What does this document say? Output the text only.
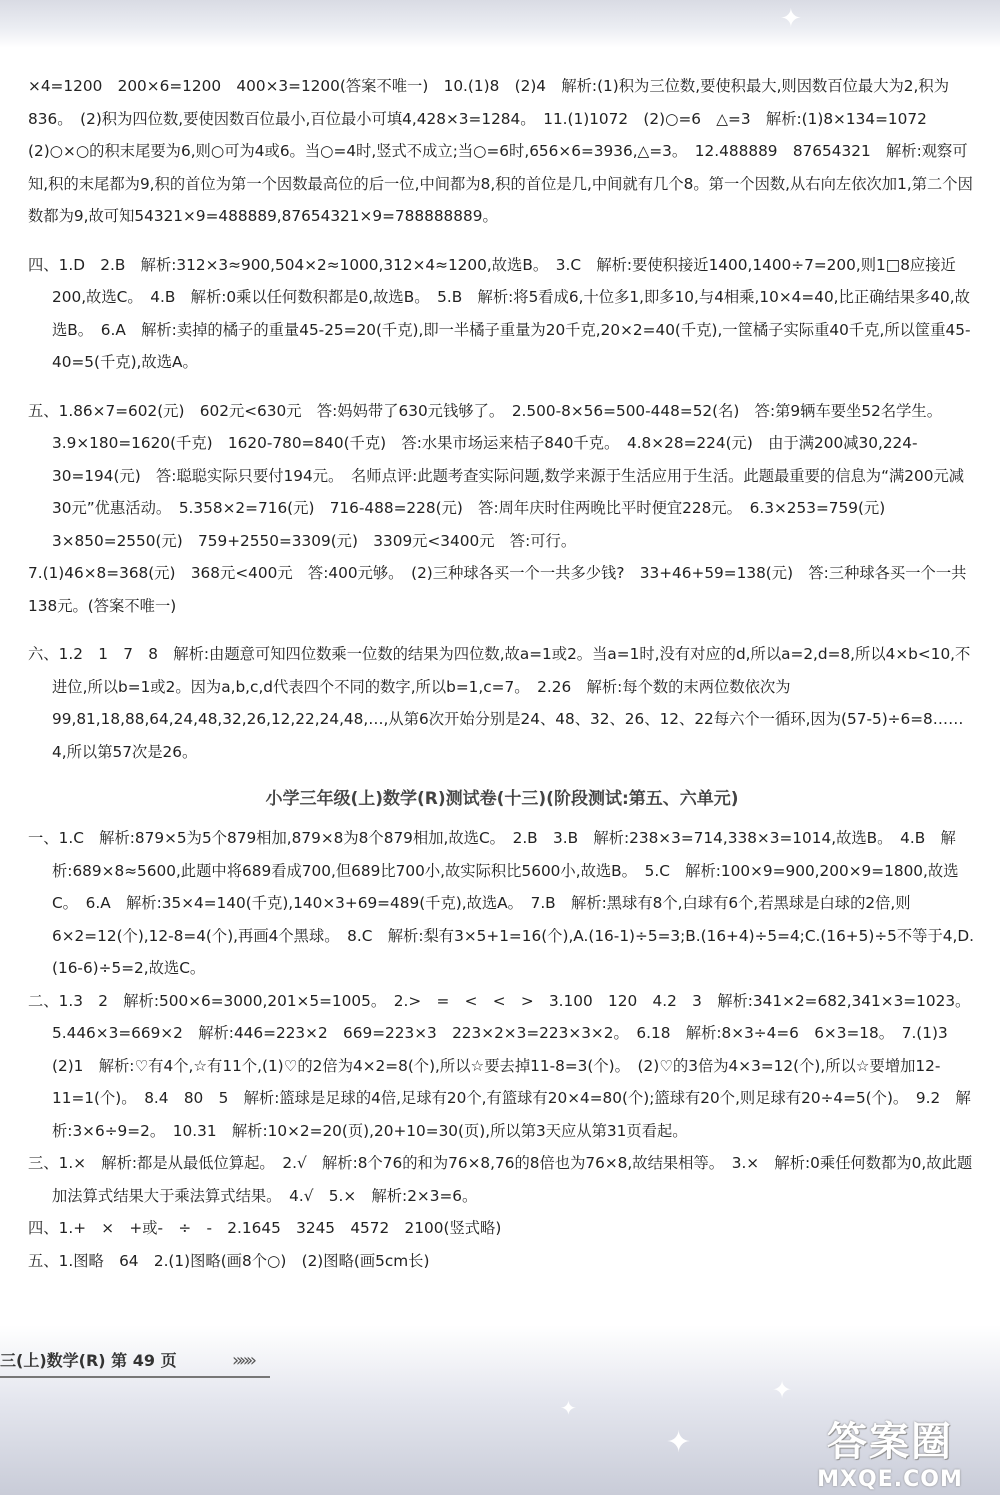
✦
✦
✦
✦

×4=1200　200×6=1200　400×3=1200(答案不唯一)　10.(1)8　(2)4　解析:(1)积为三位数,要使积最大,则因数百位最大为2,积为836。　(2)积为四位数,要使因数百位最小,百位最小可填4,428×3=1284。　11.(1)1072　(2)○=6　△=3　解析:(1)8×134=1072　(2)○×○的积末尾要为6,则○可为4或6。当○=4时,竖式不成立;当○=6时,656×6=3936,△=3。　12.488889　87654321　解析:观察可知,积的末尾都为9,积的首位为第一个因数最高位的后一位,中间都为8,积的首位是几,中间就有几个8。第一个因数,从右向左依次加1,第二个因数都为9,故可知54321×9=488889,87654321×9=788888889。

四、1.D　2.B　解析:312×3≈900,504×2≈1000,312×4≈1200,故选B。　3.C　解析:要使积接近1400,1400÷7=200,则1□8应接近200,故选C。　4.B　解析:0乘以任何数积都是0,故选B。　5.B　解析:将5看成6,十位多1,即多10,与4相乘,10×4=40,比正确结果多40,故选B。　6.A　解析:卖掉的橘子的重量45-25=20(千克),即一半橘子重量为20千克,20×2=40(千克),一筐橘子实际重40千克,所以筐重45-40=5(千克),故选A。

五、1.86×7=602(元)　602元<630元　答:妈妈带了630元钱够了。　2.500-8×56=500-448=52(名)　答:第9辆车要坐52名学生。　3.9×180=1620(千克)　1620-780=840(千克)　答:水果市场运来桔子840千克。　4.8×28=224(元)　由于满200减30,224-30=194(元)　答:聪聪实际只要付194元。　名师点评:此题考查实际问题,数学来源于生活应用于生活。此题最重要的信息为“满200元减30元”优惠活动。　5.358×2=716(元)　716-488=228(元)　答:周年庆时住两晚比平时便宜228元。　6.3×253=759(元)　3×850=2550(元)　759+2550=3309(元)　3309元<3400元　答:可行。

7.(1)46×8=368(元)　368元<400元　答:400元够。　(2)三种球各买一个一共多少钱?　33+46+59=138(元)　答:三种球各买一个一共138元。(答案不唯一)

六、1.2　1　7　8　解析:由题意可知四位数乘一位数的结果为四位数,故a=1或2。当a=1时,没有对应的d,所以a=2,d=8,所以4×b<10,不进位,所以b=1或2。因为a,b,c,d代表四个不同的数字,所以b=1,c=7。　2.26　解析:每个数的末两位数依次为99,81,18,88,64,24,48,32,26,12,22,24,48,…,从第6次开始分别是24、48、32、26、12、22每六个一循环,因为(57-5)÷6=8……4,所以第57次是26。

小学三年级(上)数学(R)测试卷(十三)(阶段测试:第五、六单元)

一、1.C　解析:879×5为5个879相加,879×8为8个879相加,故选C。　2.B　3.B　解析:238×3=714,338×3=1014,故选B。　4.B　解析:689×8≈5600,此题中将689看成700,但689比700小,故实际积比5600小,故选B。　5.C　解析:100×9=900,200×9=1800,故选C。　6.A　解析:35×4=140(千克),140×3+69=489(千克),故选A。　7.B　解析:黑球有8个,白球有6个,若黑球是白球的2倍,则6×2=12(个),12-8=4(个),再画4个黑球。　8.C　解析:梨有3×5+1=16(个),A.(16-1)÷5=3;B.(16+4)÷5=4;C.(16+5)÷5不等于4,D.(16-6)÷5=2,故选C。

二、1.3　2　解析:500×6=3000,201×5=1005。　2.>　=　<　<　>　3.100　120　4.2　3　解析:341×2=682,341×3=1023。　5.446×3=669×2　解析:446=223×2　669=223×3　223×2×3=223×3×2。　6.18　解析:8×3÷4=6　6×3=18。　7.(1)3　(2)1　解析:♡有4个,☆有11个,(1)♡的2倍为4×2=8(个),所以☆要去掉11-8=3(个)。　(2)♡的3倍为4×3=12(个),所以☆要增加12-11=1(个)。　8.4　80　5　解析:篮球是足球的4倍,足球有20个,有篮球有20×4=80(个);篮球有20个,则足球有20÷4=5(个)。　9.2　解析:3×6÷9=2。　10.31　解析:10×2=20(页),20+10=30(页),所以第3天应从第31页看起。

三、1.×　解析:都是从最低位算起。　2.√　解析:8个76的和为76×8,76的8倍也为76×8,故结果相等。　3.×　解析:0乘任何数都为0,故此题加法算式结果大于乘法算式结果。　4.√　5.×　解析:2×3=6。

四、1.+　×　+或-　÷　-　2.1645　3245　4572　2100(竖式略)

五、1.图略　64　2.(1)图略(画8个○)　(2)图略(画5cm长)

三(上)数学(R) 第 49 页	»»»
答案圈
MXQE.COM
